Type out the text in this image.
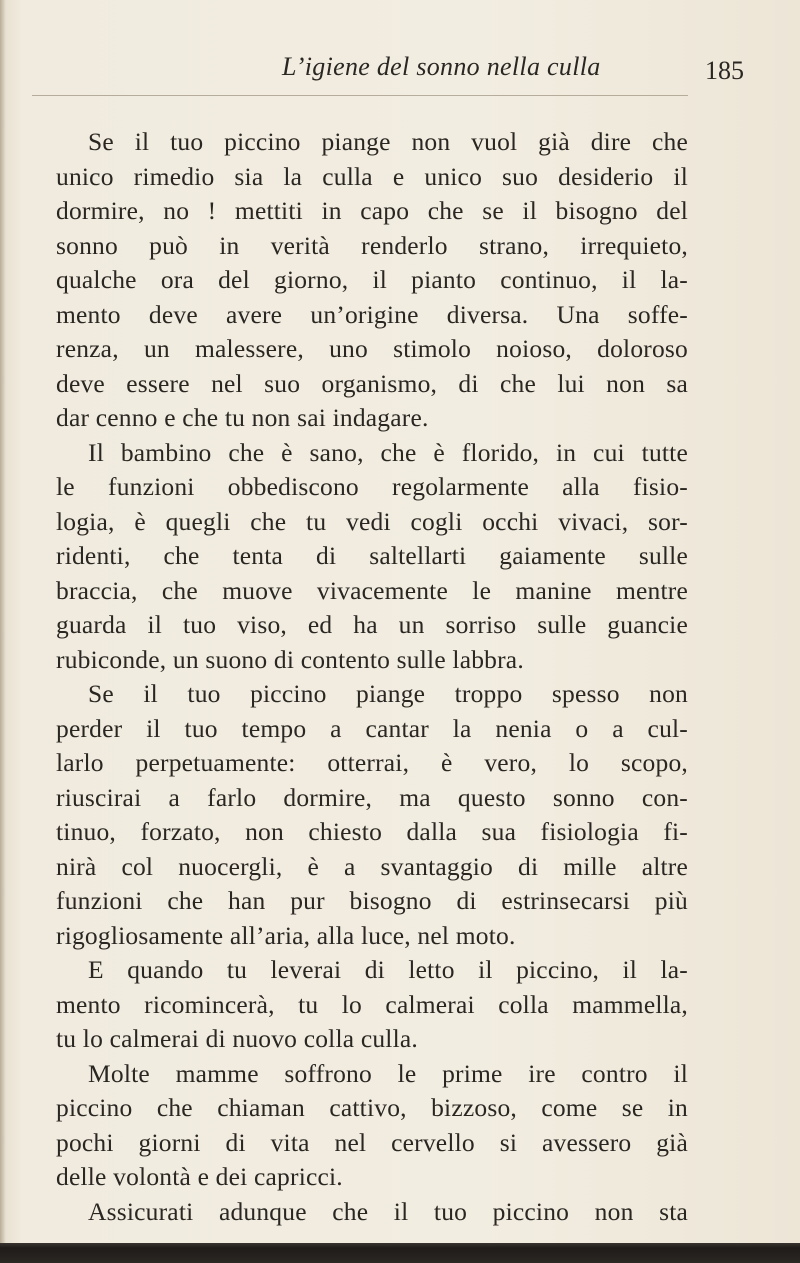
L’igiene del sonno nella culla	185
Se il tuo piccino piange non vuol già dire che
unico rimedio sia la culla e unico suo desiderio il
dormire, no ! mettiti in capo che se il bisogno del
sonno può in verità renderlo strano, irrequieto,
qualche ora del giorno, il pianto continuo, il la-
mento deve avere un’origine diversa. Una soffe-
renza, un malessere, uno stimolo noioso, doloroso
deve essere nel suo organismo, di che lui non sa
dar cenno e che tu non sai indagare.
Il bambino che è sano, che è florido, in cui tutte
le funzioni obbediscono regolarmente alla fisio-
logia, è quegli che tu vedi cogli occhi vivaci, sor-
ridenti, che tenta di saltellarti gaiamente sulle
braccia, che muove vivacemente le manine mentre
guarda il tuo viso, ed ha un sorriso sulle guancie
rubiconde, un suono di contento sulle labbra.
Se il tuo piccino piange troppo spesso non
perder il tuo tempo a cantar la nenia o a cul-
larlo perpetuamente: otterrai, è vero, lo scopo,
riuscirai a farlo dormire, ma questo sonno con-
tinuo, forzato, non chiesto dalla sua fisiologia fi-
nirà col nuocergli, è a svantaggio di mille altre
funzioni che han pur bisogno di estrinsecarsi più
rigogliosamente all’aria, alla luce, nel moto.
E quando tu leverai di letto il piccino, il la-
mento ricomincerà, tu lo calmerai colla mammella,
tu lo calmerai di nuovo colla culla.
Molte mamme soffrono le prime ire contro il
piccino che chiaman cattivo, bizzoso, come se in
pochi giorni di vita nel cervello si avessero già
delle volontà e dei capricci.
Assicurati adunque che il tuo piccino non sta
